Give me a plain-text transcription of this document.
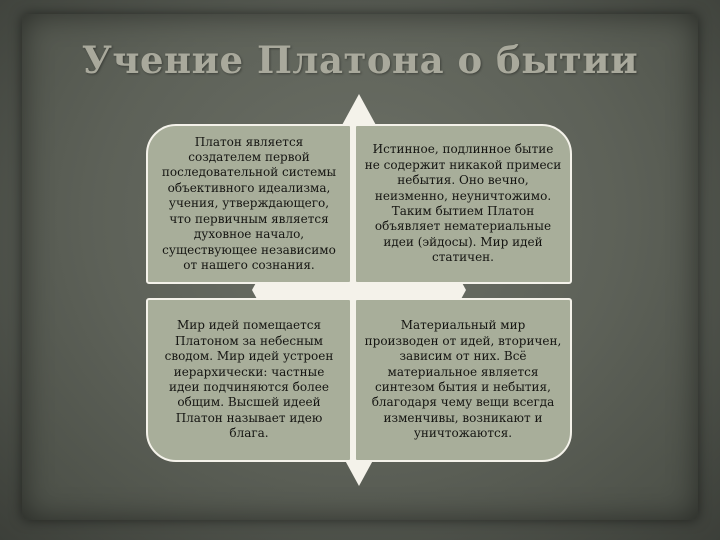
Учение Платона о бытии
Платон является создателем первой последовательной системы объективного идеализма, учения, утверждающего, что первичным является духовное начало, существующее независимо от нашего сознания.
Истинное, подлинное бытие не содержит никакой примеси небытия. Оно вечно, неизменно, неуничтожимо. Таким бытием Платон объявляет нематериальные идеи (эйдосы). Мир идей статичен.
Мир идей помещается Платоном за небесным сводом. Мир идей устроен иерархически: частные идеи подчиняются более общим. Высшей идеей Платон называет идею блага.
Материальный мир производен от идей, вторичен, зависим от них. Всё материальное является синтезом бытия и небытия, благодаря чему вещи всегда изменчивы, возникают и уничтожаются.
